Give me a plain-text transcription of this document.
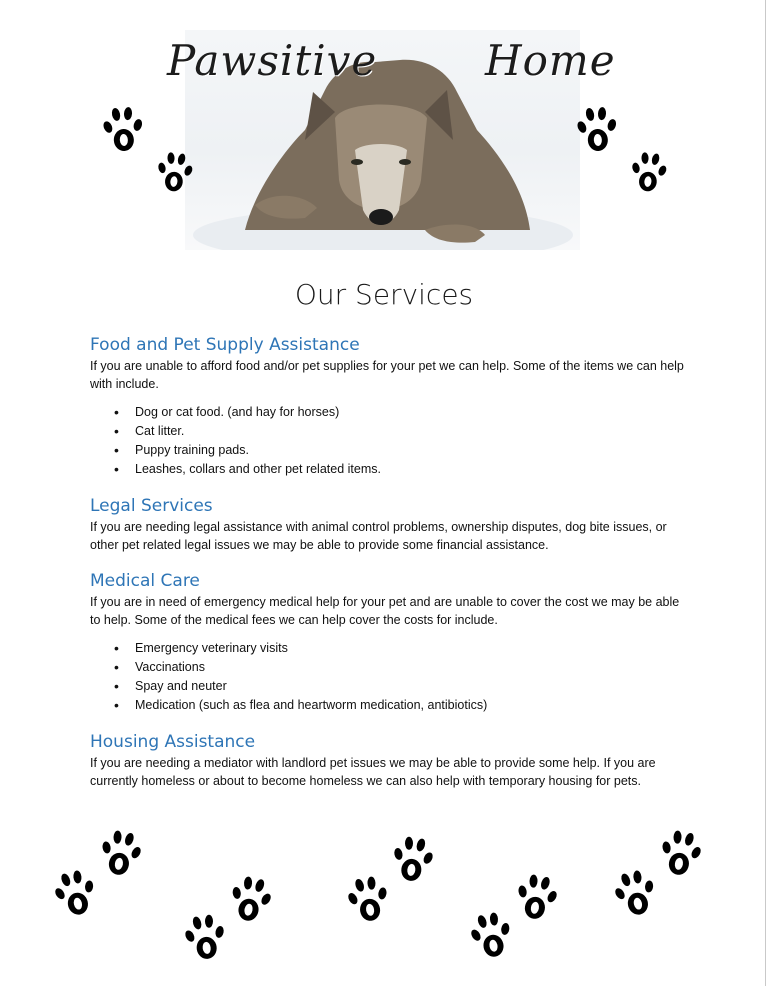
Pawsitive	Home
Our Services
Food and Pet Supply Assistance

If you are unable to afford food and/or pet supplies for your pet we can help. Some of the items we can help with include.

• Dog or cat food. (and hay for horses)
• Cat litter.
• Puppy training pads.
• Leashes, collars and other pet related items.
Legal Services

If you are needing legal assistance with animal control problems, ownership disputes, dog bite issues, or other pet related legal issues we may be able to provide some financial assistance.

Medical Care

If you are in need of emergency medical help for your pet and are unable to cover the cost we may be able to help. Some of the medical fees we can help cover the costs for include.

• Emergency veterinary visits
• Vaccinations
• Spay and neuter
• Medication (such as flea and heartworm medication, antibiotics)
Housing Assistance

If you are needing a mediator with landlord pet issues we may be able to provide some help. If you are currently homeless or about to become homeless we can also help with temporary housing for pets.
